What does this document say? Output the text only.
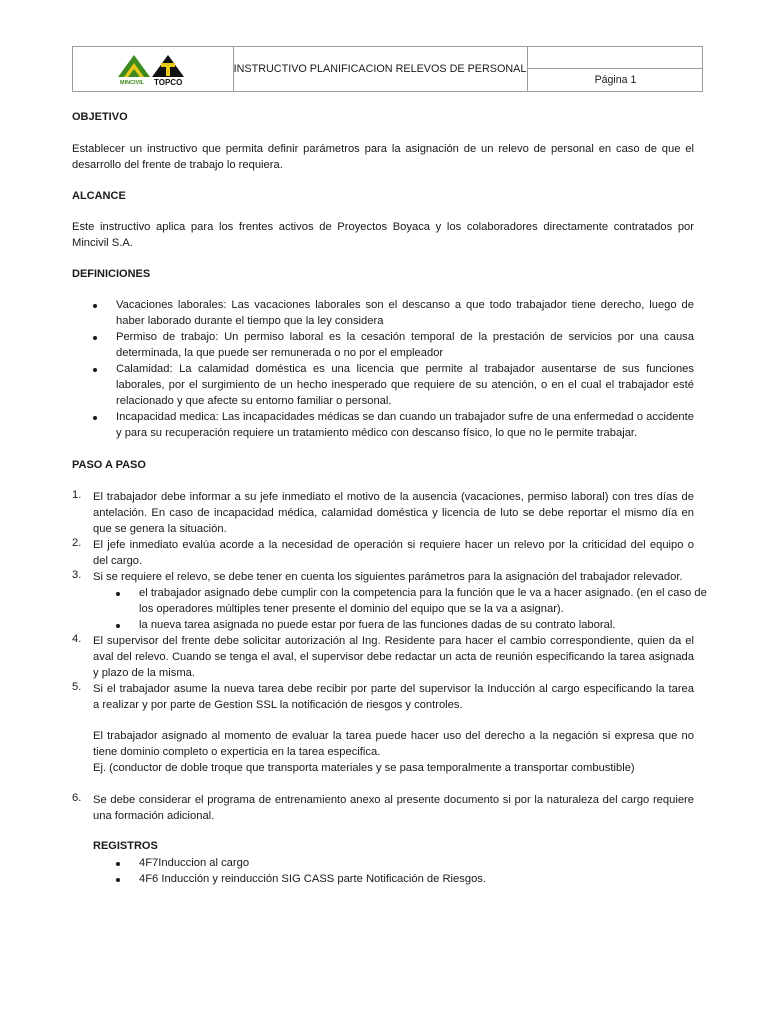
MINCIVIL TOPCO
INSTRUCTIVO PLANIFICACION RELEVOS DE PERSONAL
Página 1
OBJETIVO
Establecer un instructivo que permita definir parámetros para la asignación de un relevo de personal en caso de que el
desarrollo del frente de trabajo lo requiera.
ALCANCE
Este instructivo aplica para los frentes activos de Proyectos Boyaca y los colaboradores directamente contratados por
Mincivil S.A.
DEFINICIONES
Vacaciones laborales: Las vacaciones laborales son el descanso a que todo trabajador tiene derecho, luego de
haber laborado durante el tiempo que la ley considera
Permiso de trabajo: Un permiso laboral es la cesación temporal de la prestación de servicios por una causa
determinada, la que puede ser remunerada o no por el empleador
Calamidad: La calamidad doméstica es una licencia que permite al trabajador ausentarse de sus funciones
laborales, por el surgimiento de un hecho inesperado que requiere de su atención, o en el cual el trabajador esté
relacionado y que afecte su entorno familiar o personal.
Incapacidad medica: Las incapacidades médicas se dan cuando un trabajador sufre de una enfermedad o accidente
y para su recuperación requiere un tratamiento médico con descanso físico, lo que no le permite trabajar.
PASO A PASO
1. El trabajador debe informar a su jefe inmediato el motivo de la ausencia (vacaciones, permiso laboral) con tres días de
antelación. En caso de incapacidad médica, calamidad doméstica y licencia de luto se debe reportar el mismo día en
que se genera la situación.
2. El jefe inmediato evalúa acorde a la necesidad de operación si requiere hacer un relevo por la criticidad del equipo o
del cargo.
3. Si se requiere el relevo, se debe tener en cuenta los siguientes parámetros para la asignación del trabajador relevador.
el trabajador asignado debe cumplir con la competencia para la función que le va a hacer asignado. (en el caso de
los operadores múltiples tener presente el dominio del equipo que se la va a asignar).
la nueva tarea asignada no puede estar por fuera de las funciones dadas de su contrato laboral.
4. El supervisor del frente debe solicitar autorización al Ing. Residente para hacer el cambio correspondiente, quien da el
aval del relevo. Cuando se tenga el aval, el supervisor debe redactar un acta de reunión especificando la tarea asignada
y plazo de la misma.
5. Si el trabajador asume la nueva tarea debe recibir por parte del supervisor la Inducción al cargo especificando la tarea
a realizar y por parte de Gestion SSL la notificación de riesgos y controles.
El trabajador asignado al momento de evaluar la tarea puede hacer uso del derecho a la negación si expresa que no
tiene dominio completo o experticia en la tarea especifica.
Ej. (conductor de doble troque que transporta materiales y se pasa temporalmente a transportar combustible)
6. Se debe considerar el programa de entrenamiento anexo al presente documento si por la naturaleza del cargo requiere
una formación adicional.
REGISTROS
4F7Induccion al cargo
4F6 Inducción y reinducción SIG CASS parte Notificación de Riesgos.
